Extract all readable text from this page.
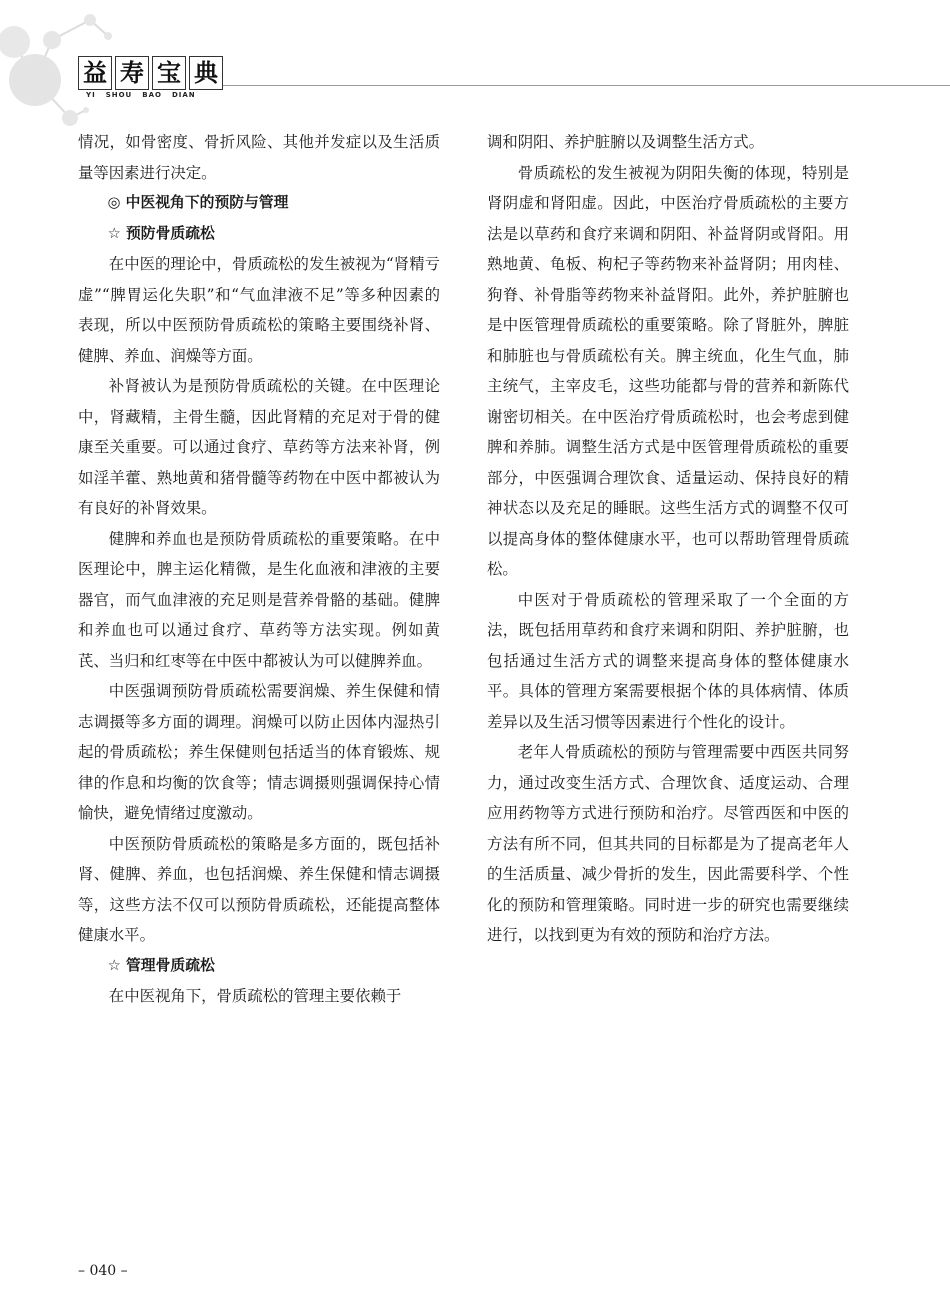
益 寿 宝 典
YI SHOU BAO DIAN

情况，如骨密度、骨折风险、其他并发症以及生活质量等因素进行决定。

◎ 中医视角下的预防与管理
☆ 预防骨质疏松

在中医的理论中，骨质疏松的发生被视为“肾精亏虚”“脾胃运化失职”和“气血津液不足”等多种因素的表现，所以中医预防骨质疏松的策略主要围绕补肾、健脾、养血、润燥等方面。

补肾被认为是预防骨质疏松的关键。在中医理论中，肾藏精，主骨生髓，因此肾精的充足对于骨的健康至关重要。可以通过食疗、草药等方法来补肾，例如淫羊藿、熟地黄和猪骨髓等药物在中医中都被认为有良好的补肾效果。

健脾和养血也是预防骨质疏松的重要策略。在中医理论中，脾主运化精微，是生化血液和津液的主要器官，而气血津液的充足则是营养骨骼的基础。健脾和养血也可以通过食疗、草药等方法实现。例如黄芪、当归和红枣等在中医中都被认为可以健脾养血。

中医强调预防骨质疏松需要润燥、养生保健和情志调摄等多方面的调理。润燥可以防止因体内湿热引起的骨质疏松；养生保健则包括适当的体育锻炼、规律的作息和均衡的饮食等；情志调摄则强调保持心情愉快，避免情绪过度激动。

中医预防骨质疏松的策略是多方面的，既包括补肾、健脾、养血，也包括润燥、养生保健和情志调摄等，这些方法不仅可以预防骨质疏松，还能提高整体健康水平。

☆ 管理骨质疏松

在中医视角下，骨质疏松的管理主要依赖于

调和阴阳、养护脏腑以及调整生活方式。

骨质疏松的发生被视为阴阳失衡的体现，特别是肾阴虚和肾阳虚。因此，中医治疗骨质疏松的主要方法是以草药和食疗来调和阴阳、补益肾阴或肾阳。用熟地黄、龟板、枸杞子等药物来补益肾阴；用肉桂、狗脊、补骨脂等药物来补益肾阳。此外，养护脏腑也是中医管理骨质疏松的重要策略。除了肾脏外，脾脏和肺脏也与骨质疏松有关。脾主统血，化生气血，肺主统气，主宰皮毛，这些功能都与骨的营养和新陈代谢密切相关。在中医治疗骨质疏松时，也会考虑到健脾和养肺。调整生活方式是中医管理骨质疏松的重要部分，中医强调合理饮食、适量运动、保持良好的精神状态以及充足的睡眠。这些生活方式的调整不仅可以提高身体的整体健康水平，也可以帮助管理骨质疏松。

中医对于骨质疏松的管理采取了一个全面的方法，既包括用草药和食疗来调和阴阳、养护脏腑，也包括通过生活方式的调整来提高身体的整体健康水平。具体的管理方案需要根据个体的具体病情、体质差异以及生活习惯等因素进行个性化的设计。

老年人骨质疏松的预防与管理需要中西医共同努力，通过改变生活方式、合理饮食、适度运动、合理应用药物等方式进行预防和治疗。尽管西医和中医的方法有所不同，但其共同的目标都是为了提高老年人的生活质量、减少骨折的发生，因此需要科学、个性化的预防和管理策略。同时进一步的研究也需要继续进行，以找到更为有效的预防和治疗方法。

– 040 –
